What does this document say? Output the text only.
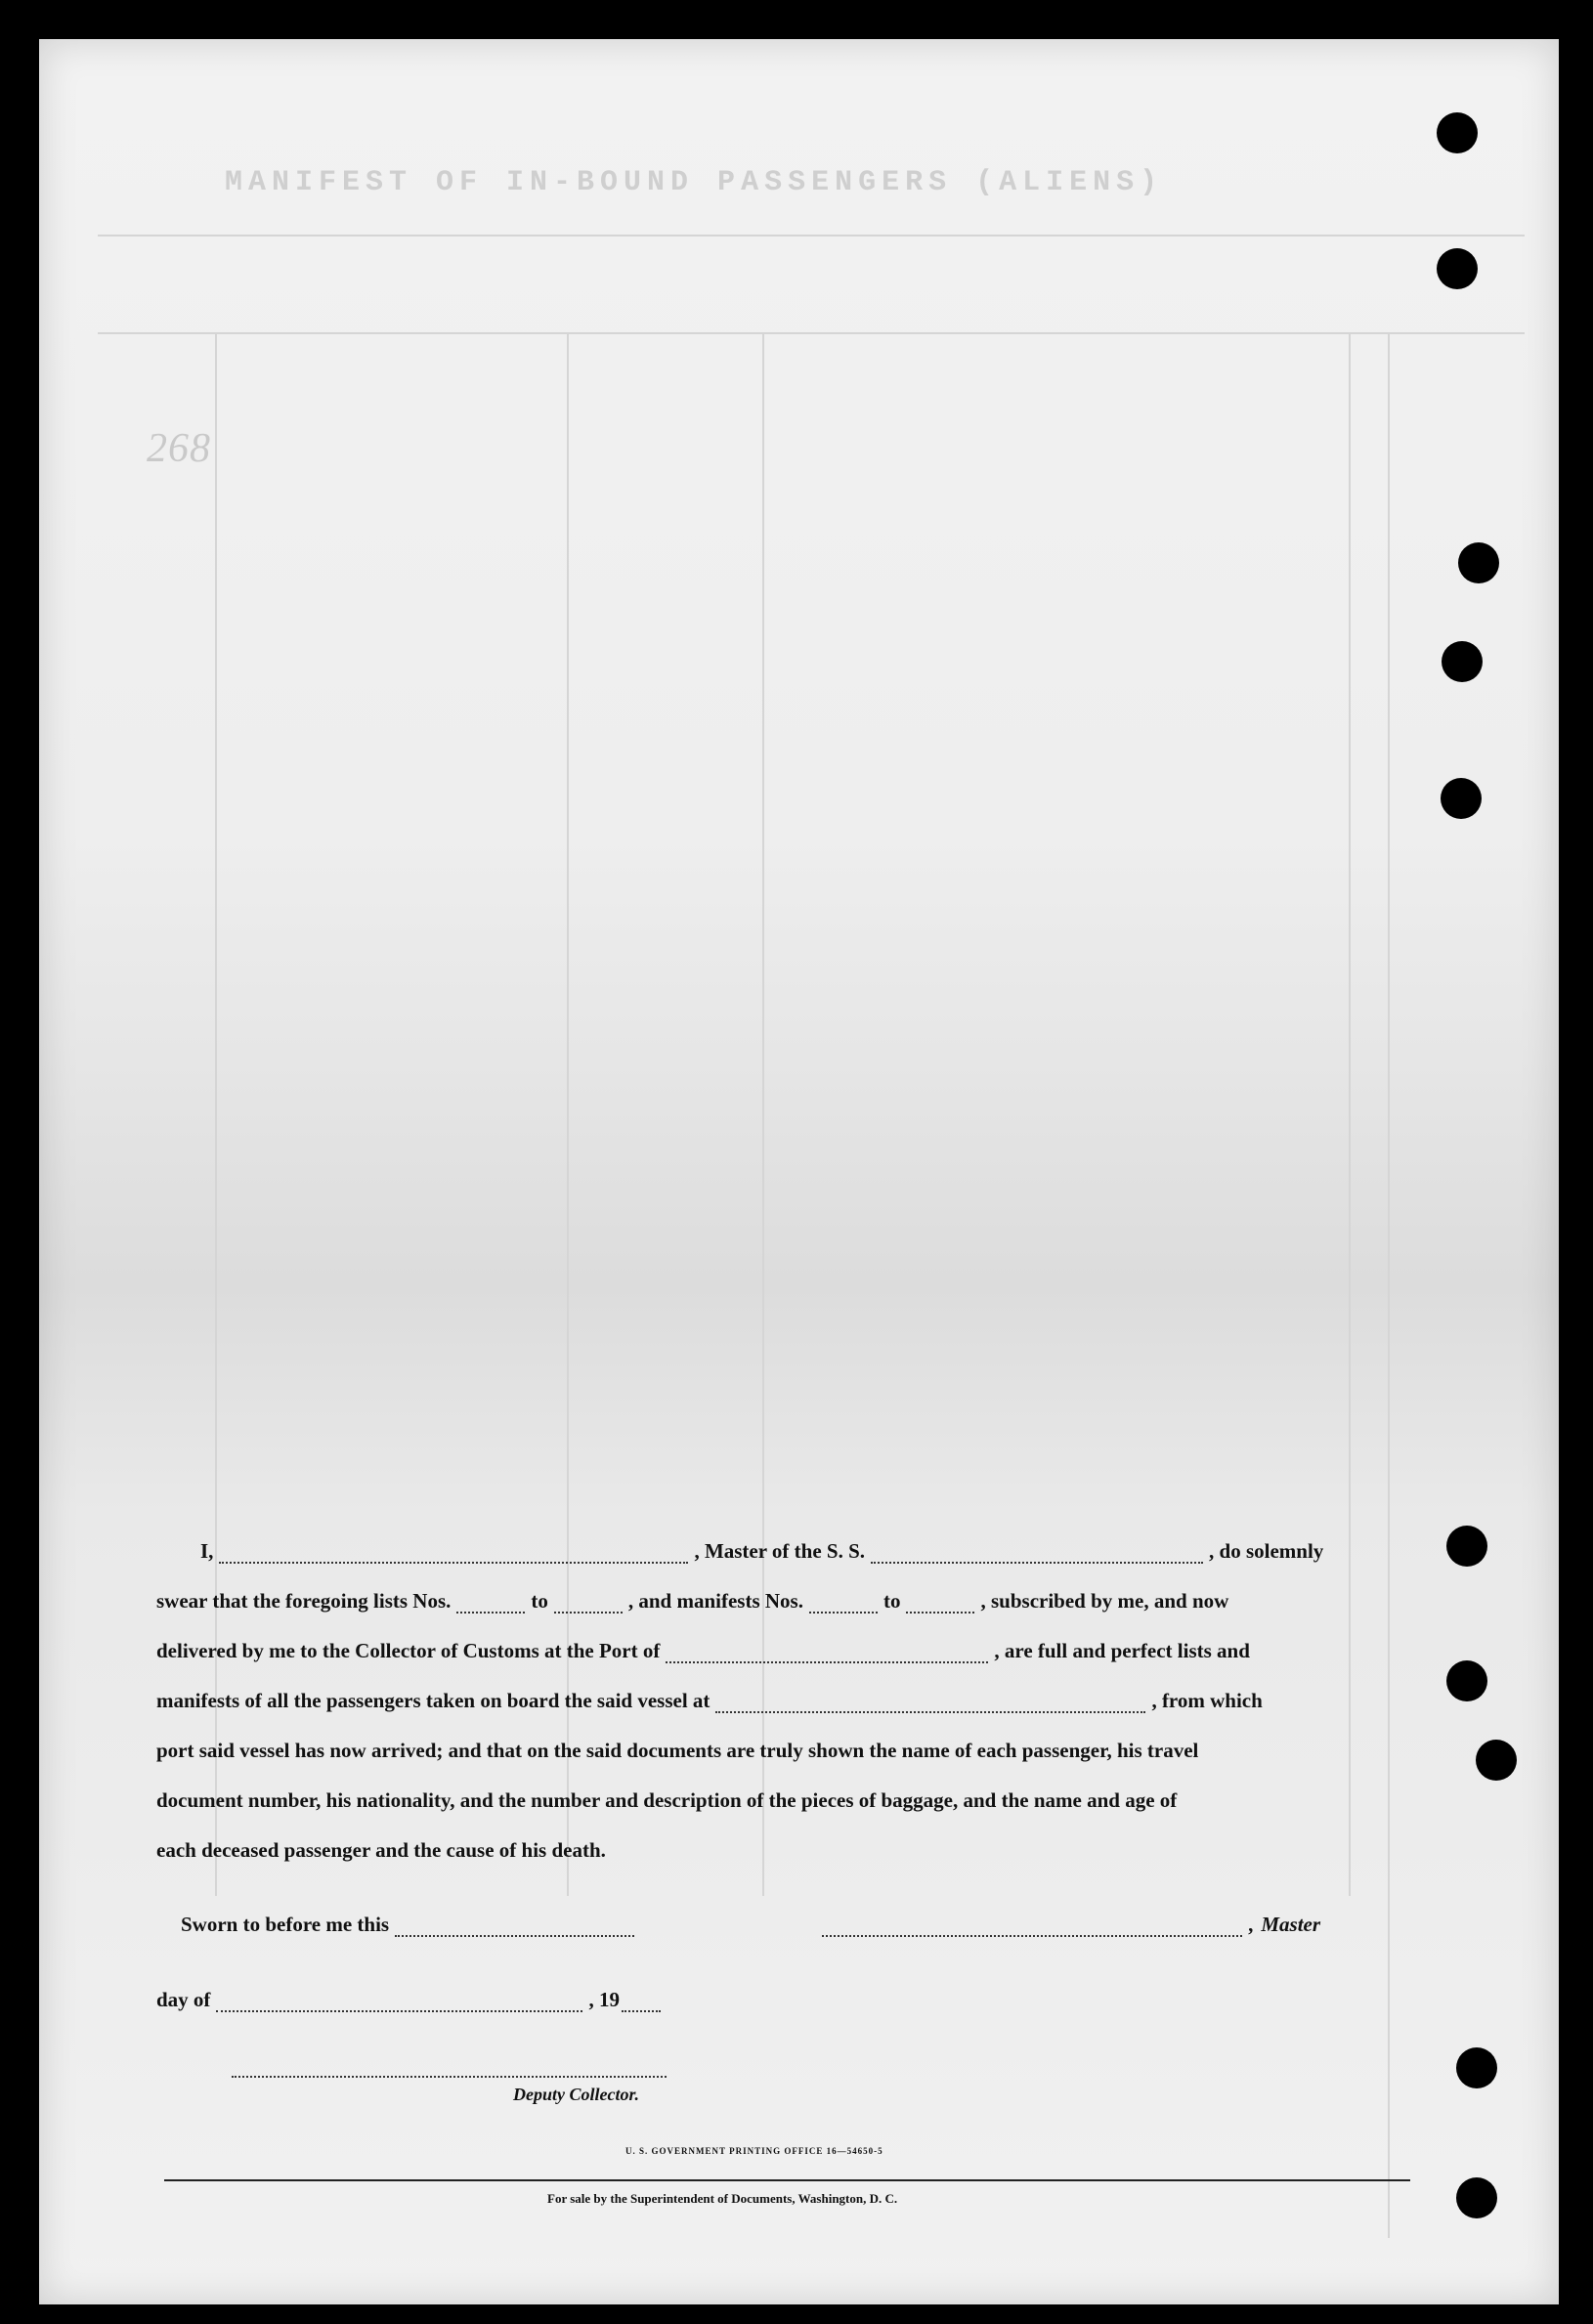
MANIFEST OF IN-BOUND PASSENGERS (ALIENS)
268
I,	, Master of the S. S.	, do solemnly
swear that the foregoing lists Nos.	to	, and manifests Nos.	to	, subscribed by me, and now
delivered by me to the Collector of Customs at the Port of	, are full and perfect lists and
manifests of all the passengers taken on board the said vessel at	, from which
port said vessel has now arrived; and that on the said documents are truly shown the name of each passenger, his travel
document number, his nationality, and the number and description of the pieces of baggage, and the name and age of
each deceased passenger and the cause of his death.
Sworn to before me this	, Master
day of	, 19
Deputy Collector.
U. S. GOVERNMENT PRINTING OFFICE 16—54650-5
For sale by the Superintendent of Documents, Washington, D. C.
